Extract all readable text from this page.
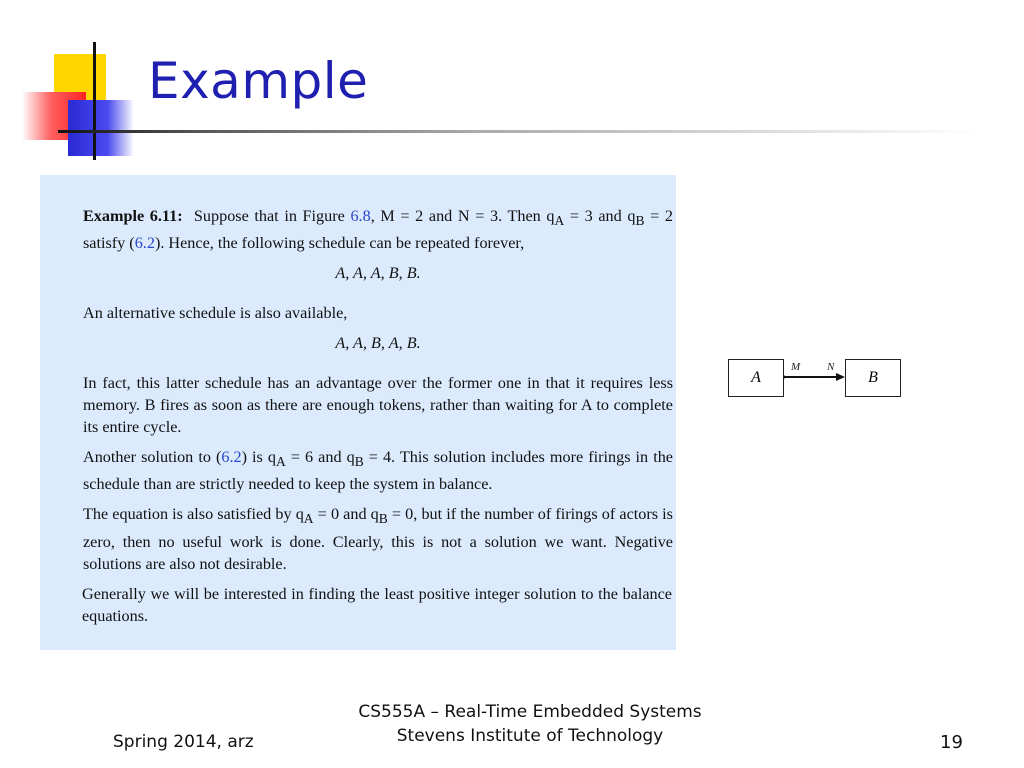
Example

Example 6.11: Suppose that in Figure 6.8, M = 2 and N = 3. Then $q_A = 3$ and $q_B = 2$ satisfy (6.2). Hence, the following schedule can be repeated forever,

A, A, A, B, B.

An alternative schedule is also available,

A, A, B, A, B.

In fact, this latter schedule has an advantage over the former one in that it requires less memory. B fires as soon as there are enough tokens, rather than waiting for A to complete its entire cycle.

Another solution to (6.2) is $q_A = 6$ and $q_B = 4$. This solution includes more firings in the schedule than are strictly needed to keep the system in balance.

The equation is also satisfied by $q_A = 0$ and $q_B = 0$, but if the number of firings of actors is zero, then no useful work is done. Clearly, this is not a solution we want. Negative solutions are also not desirable.

Generally we will be interested in finding the least positive integer solution to the balance equations.

A	B
M N
Spring 2014, arz
CS555A – Real-Time Embedded Systems
Stevens Institute of Technology	19
